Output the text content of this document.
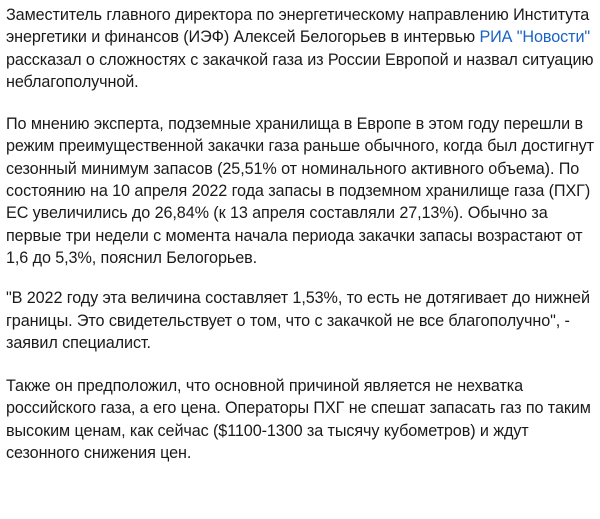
Заместитель главного директора по энергетическому направлению Института энергетики и финансов (ИЭФ) Алексей Белогорьев в интервью РИА "Новости" рассказал о сложностях с закачкой газа из России Европой и назвал ситуацию неблагополучной.

По мнению эксперта, подземные хранилища в Европе в этом году перешли в режим преимущественной закачки газа раньше обычного, когда был достигнут сезонный минимум запасов (25,51% от номинального активного объема). По состоянию на 10 апреля 2022 года запасы в подземном хранилище газа (ПХГ) ЕС увеличились до 26,84% (к 13 апреля составляли 27,13%). Обычно за первые три недели с момента начала периода закачки запасы возрастают от 1,6 до 5,3%, пояснил Белогорьев.

"В 2022 году эта величина составляет 1,53%, то есть не дотягивает до нижней границы. Это свидетельствует о том, что с закачкой не все благополучно", - заявил специалист.

Также он предположил, что основной причиной является не нехватка российского газа, а его цена. Операторы ПХГ не спешат запасать газ по таким высоким ценам, как сейчас ($1100-1300 за тысячу кубометров) и ждут сезонного снижения цен.
